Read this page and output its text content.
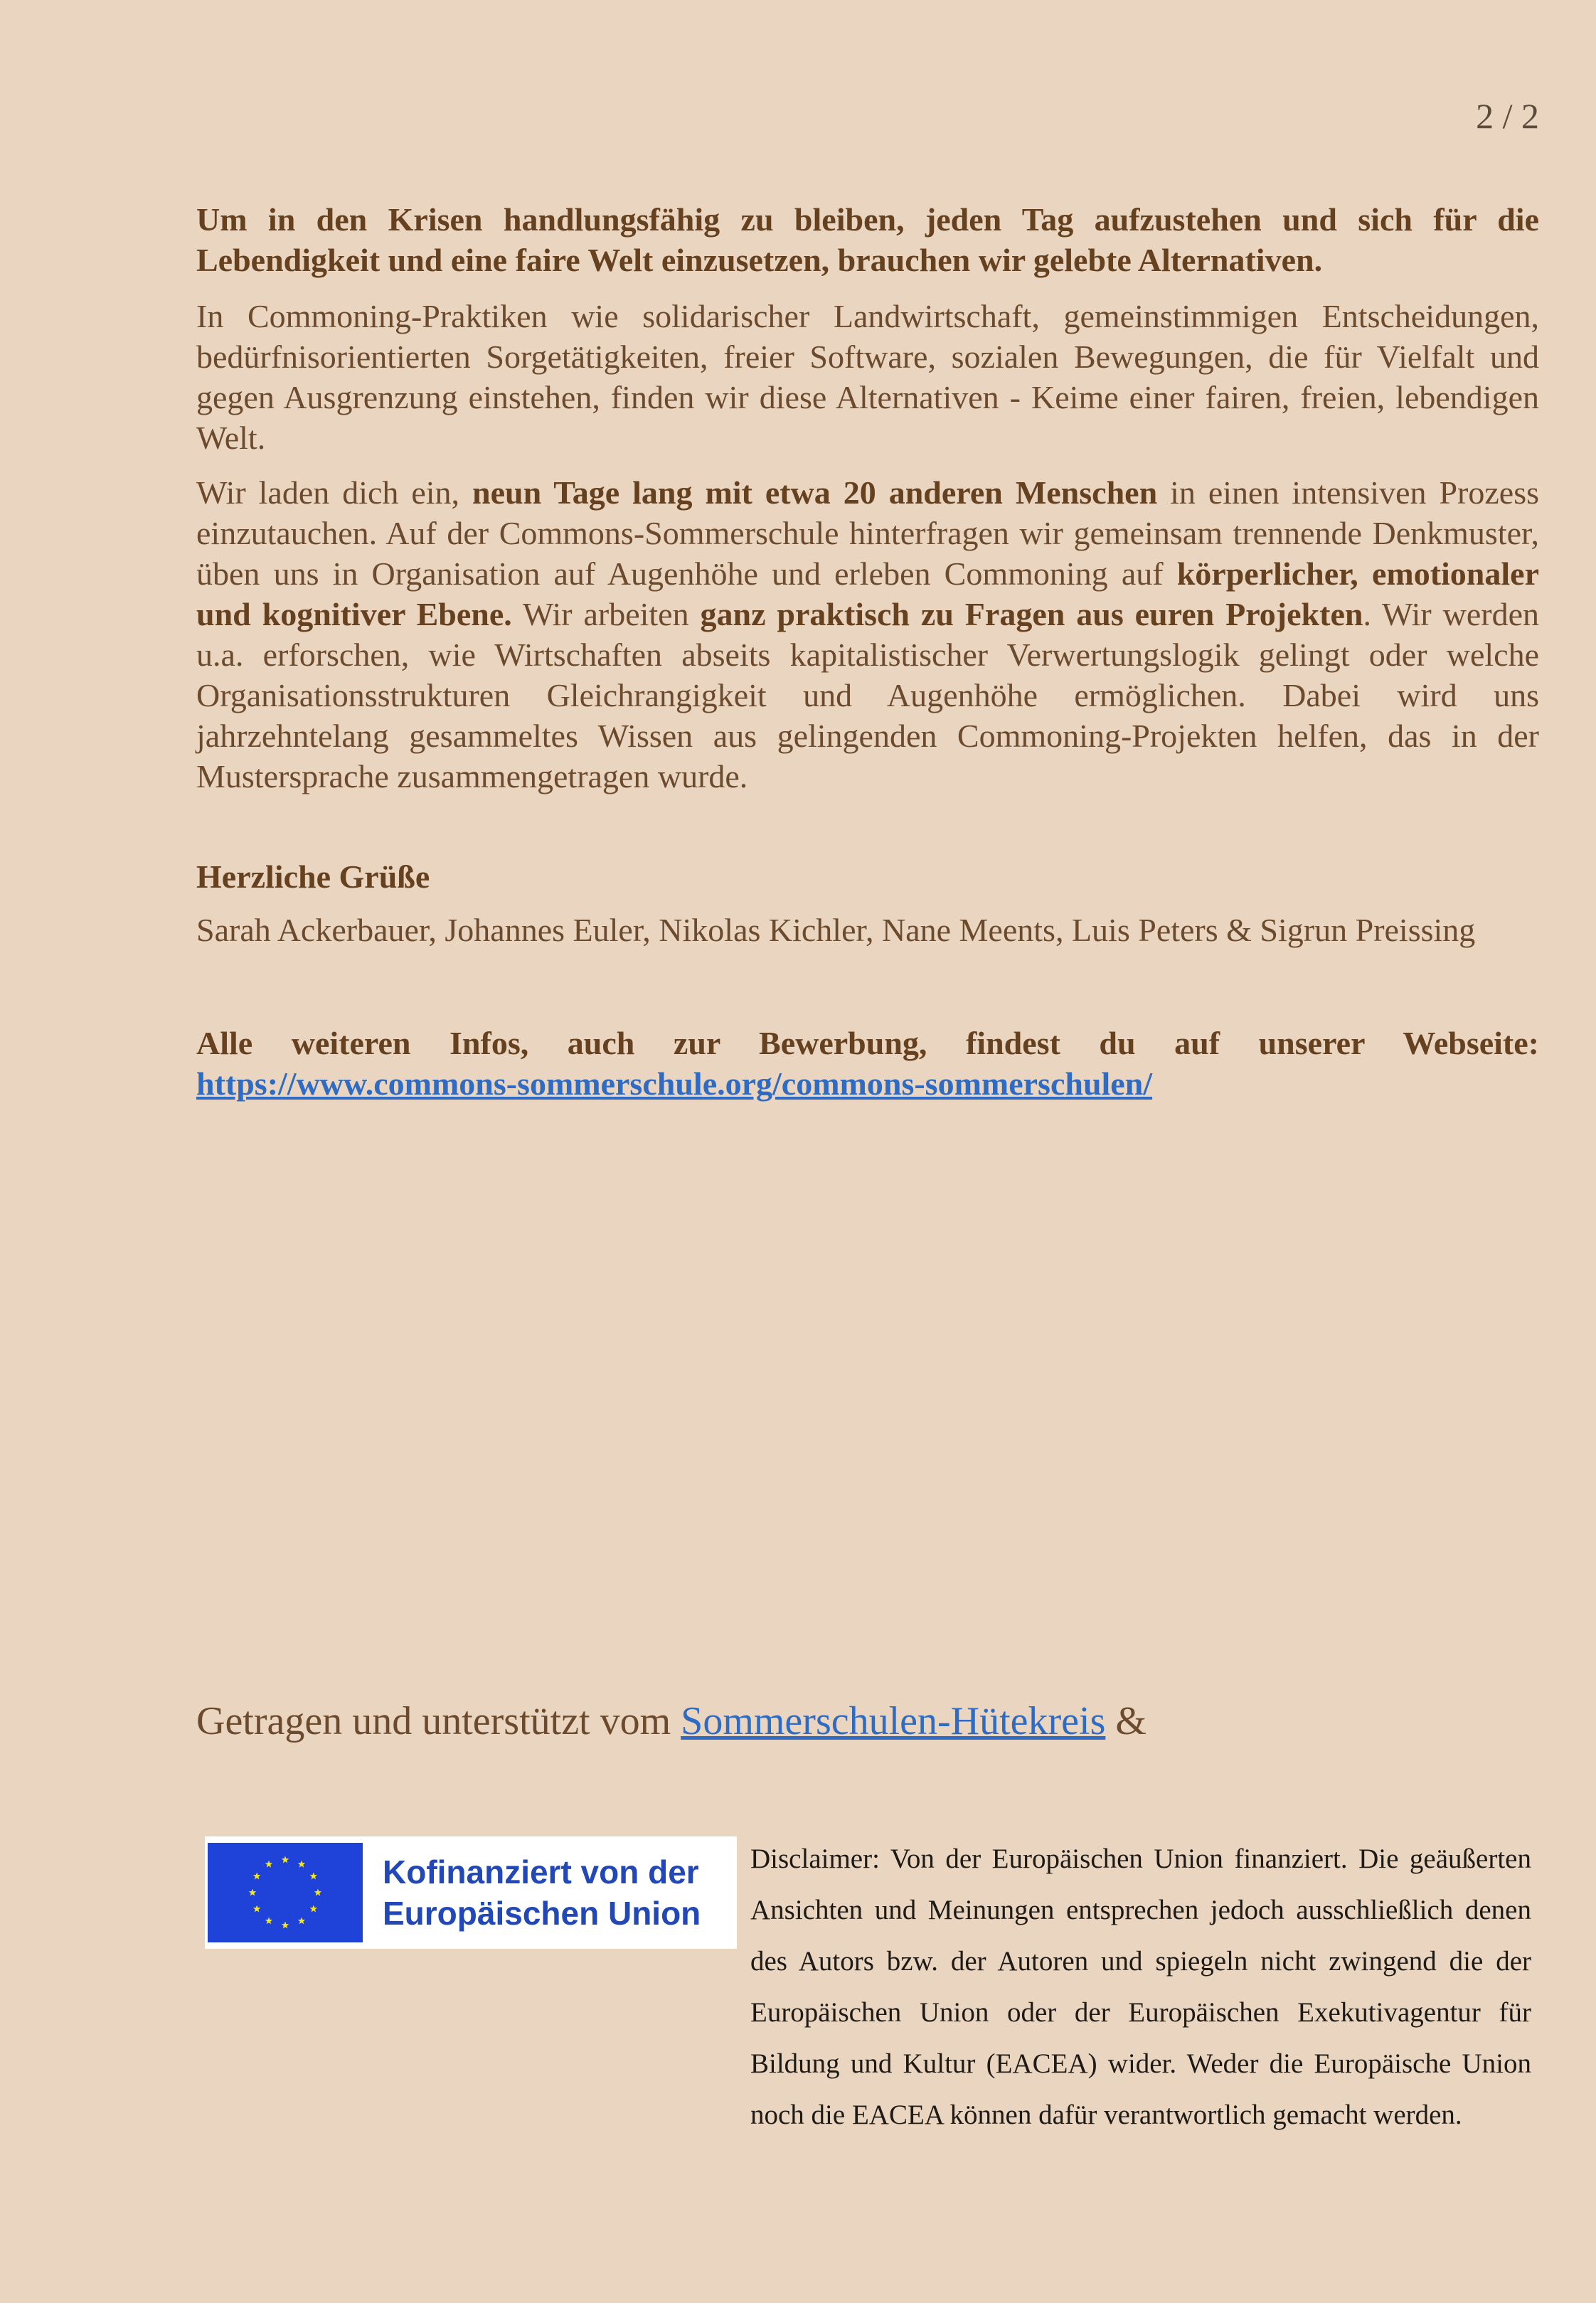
2 / 2

Um in den Krisen handlungsfähig zu bleiben, jeden Tag aufzustehen und sich für die Lebendigkeit und eine faire Welt einzusetzen, brauchen wir gelebte Alternativen.

In Commoning-Praktiken wie solidarischer Landwirtschaft, gemeinstimmigen Entscheidungen, bedürfnisorientierten Sorgetätigkeiten, freier Software, sozialen Bewegungen, die für Vielfalt und gegen Ausgrenzung einstehen, finden wir diese Alternativen - Keime einer fairen, freien, lebendigen Welt.

Wir laden dich ein, neun Tage lang mit etwa 20 anderen Menschen in einen intensiven Prozess einzutauchen. Auf der Commons-Sommerschule hinterfragen wir gemeinsam trennende Denkmuster, üben uns in Organisation auf Augenhöhe und erleben Commoning auf körperlicher, emotionaler und kognitiver Ebene. Wir arbeiten ganz praktisch zu Fragen aus euren Projekten. Wir werden u.a. erforschen, wie Wirtschaften abseits kapitalistischer Verwertungslogik gelingt oder welche Organisationsstrukturen Gleichrangigkeit und Augenhöhe ermöglichen. Dabei wird uns jahrzehntelang gesammeltes Wissen aus gelingenden Commoning-Projekten helfen, das in der Mustersprache zusammengetragen wurde.

Herzliche Grüße

Sarah Ackerbauer, Johannes Euler, Nikolas Kichler, Nane Meents, Luis Peters & Sigrun Preissing

Alle weiteren Infos, auch zur Bewerbung, findest du auf unserer Webseite: https://www.commons-sommerschule.org/commons-sommerschulen/

Getragen und unterstützt vom Sommerschulen-Hütekreis &
Kofinanziert von der
Europäischen Union
Disclaimer: Von der Europäischen Union finanziert. Die geäußerten Ansichten und Meinungen entsprechen jedoch ausschließlich denen des Autors bzw. der Autoren und spiegeln nicht zwingend die der Europäischen Union oder der Europäischen Exekutivagentur für Bildung und Kultur (EACEA) wider. Weder die Europäische Union noch die EACEA können dafür verantwortlich gemacht werden.
